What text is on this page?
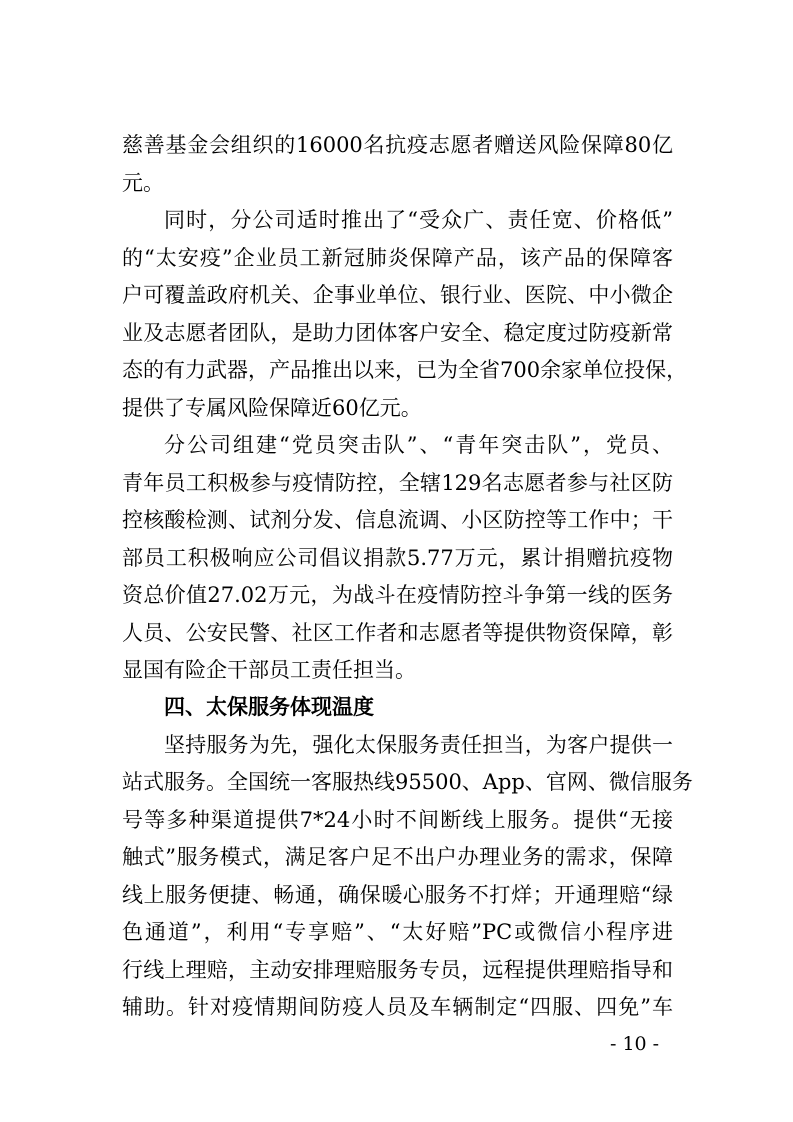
慈善基金会组织的16000名抗疫志愿者赠送风险保障80亿
元。
同时，分公司适时推出了“受众广、责任宽、价格低”
的“太安疫”企业员工新冠肺炎保障产品，该产品的保障客
户可覆盖政府机关、企事业单位、银行业、医院、中小微企
业及志愿者团队，是助力团体客户安全、稳定度过防疫新常
态的有力武器，产品推出以来，已为全省700余家单位投保，
提供了专属风险保障近60亿元。
分公司组建“党员突击队”、“青年突击队”，党员、
青年员工积极参与疫情防控，全辖129名志愿者参与社区防
控核酸检测、试剂分发、信息流调、小区防控等工作中；干
部员工积极响应公司倡议捐款5.77万元，累计捐赠抗疫物
资总价值27.02万元，为战斗在疫情防控斗争第一线的医务
人员、公安民警、社区工作者和志愿者等提供物资保障，彰
显国有险企干部员工责任担当。
四、太保服务体现温度
坚持服务为先，强化太保服务责任担当，为客户提供一
站式服务。全国统一客服热线95500、App、官网、微信服务
号等多种渠道提供7*24小时不间断线上服务。提供“无接
触式”服务模式，满足客户足不出户办理业务的需求，保障
线上服务便捷、畅通，确保暖心服务不打烊；开通理赔“绿
色通道”，利用“专享赔”、“太好赔”PC或微信小程序进
行线上理赔，主动安排理赔服务专员，远程提供理赔指导和
辅助。针对疫情期间防疫人员及车辆制定“四服、四免”车
- 10 -
